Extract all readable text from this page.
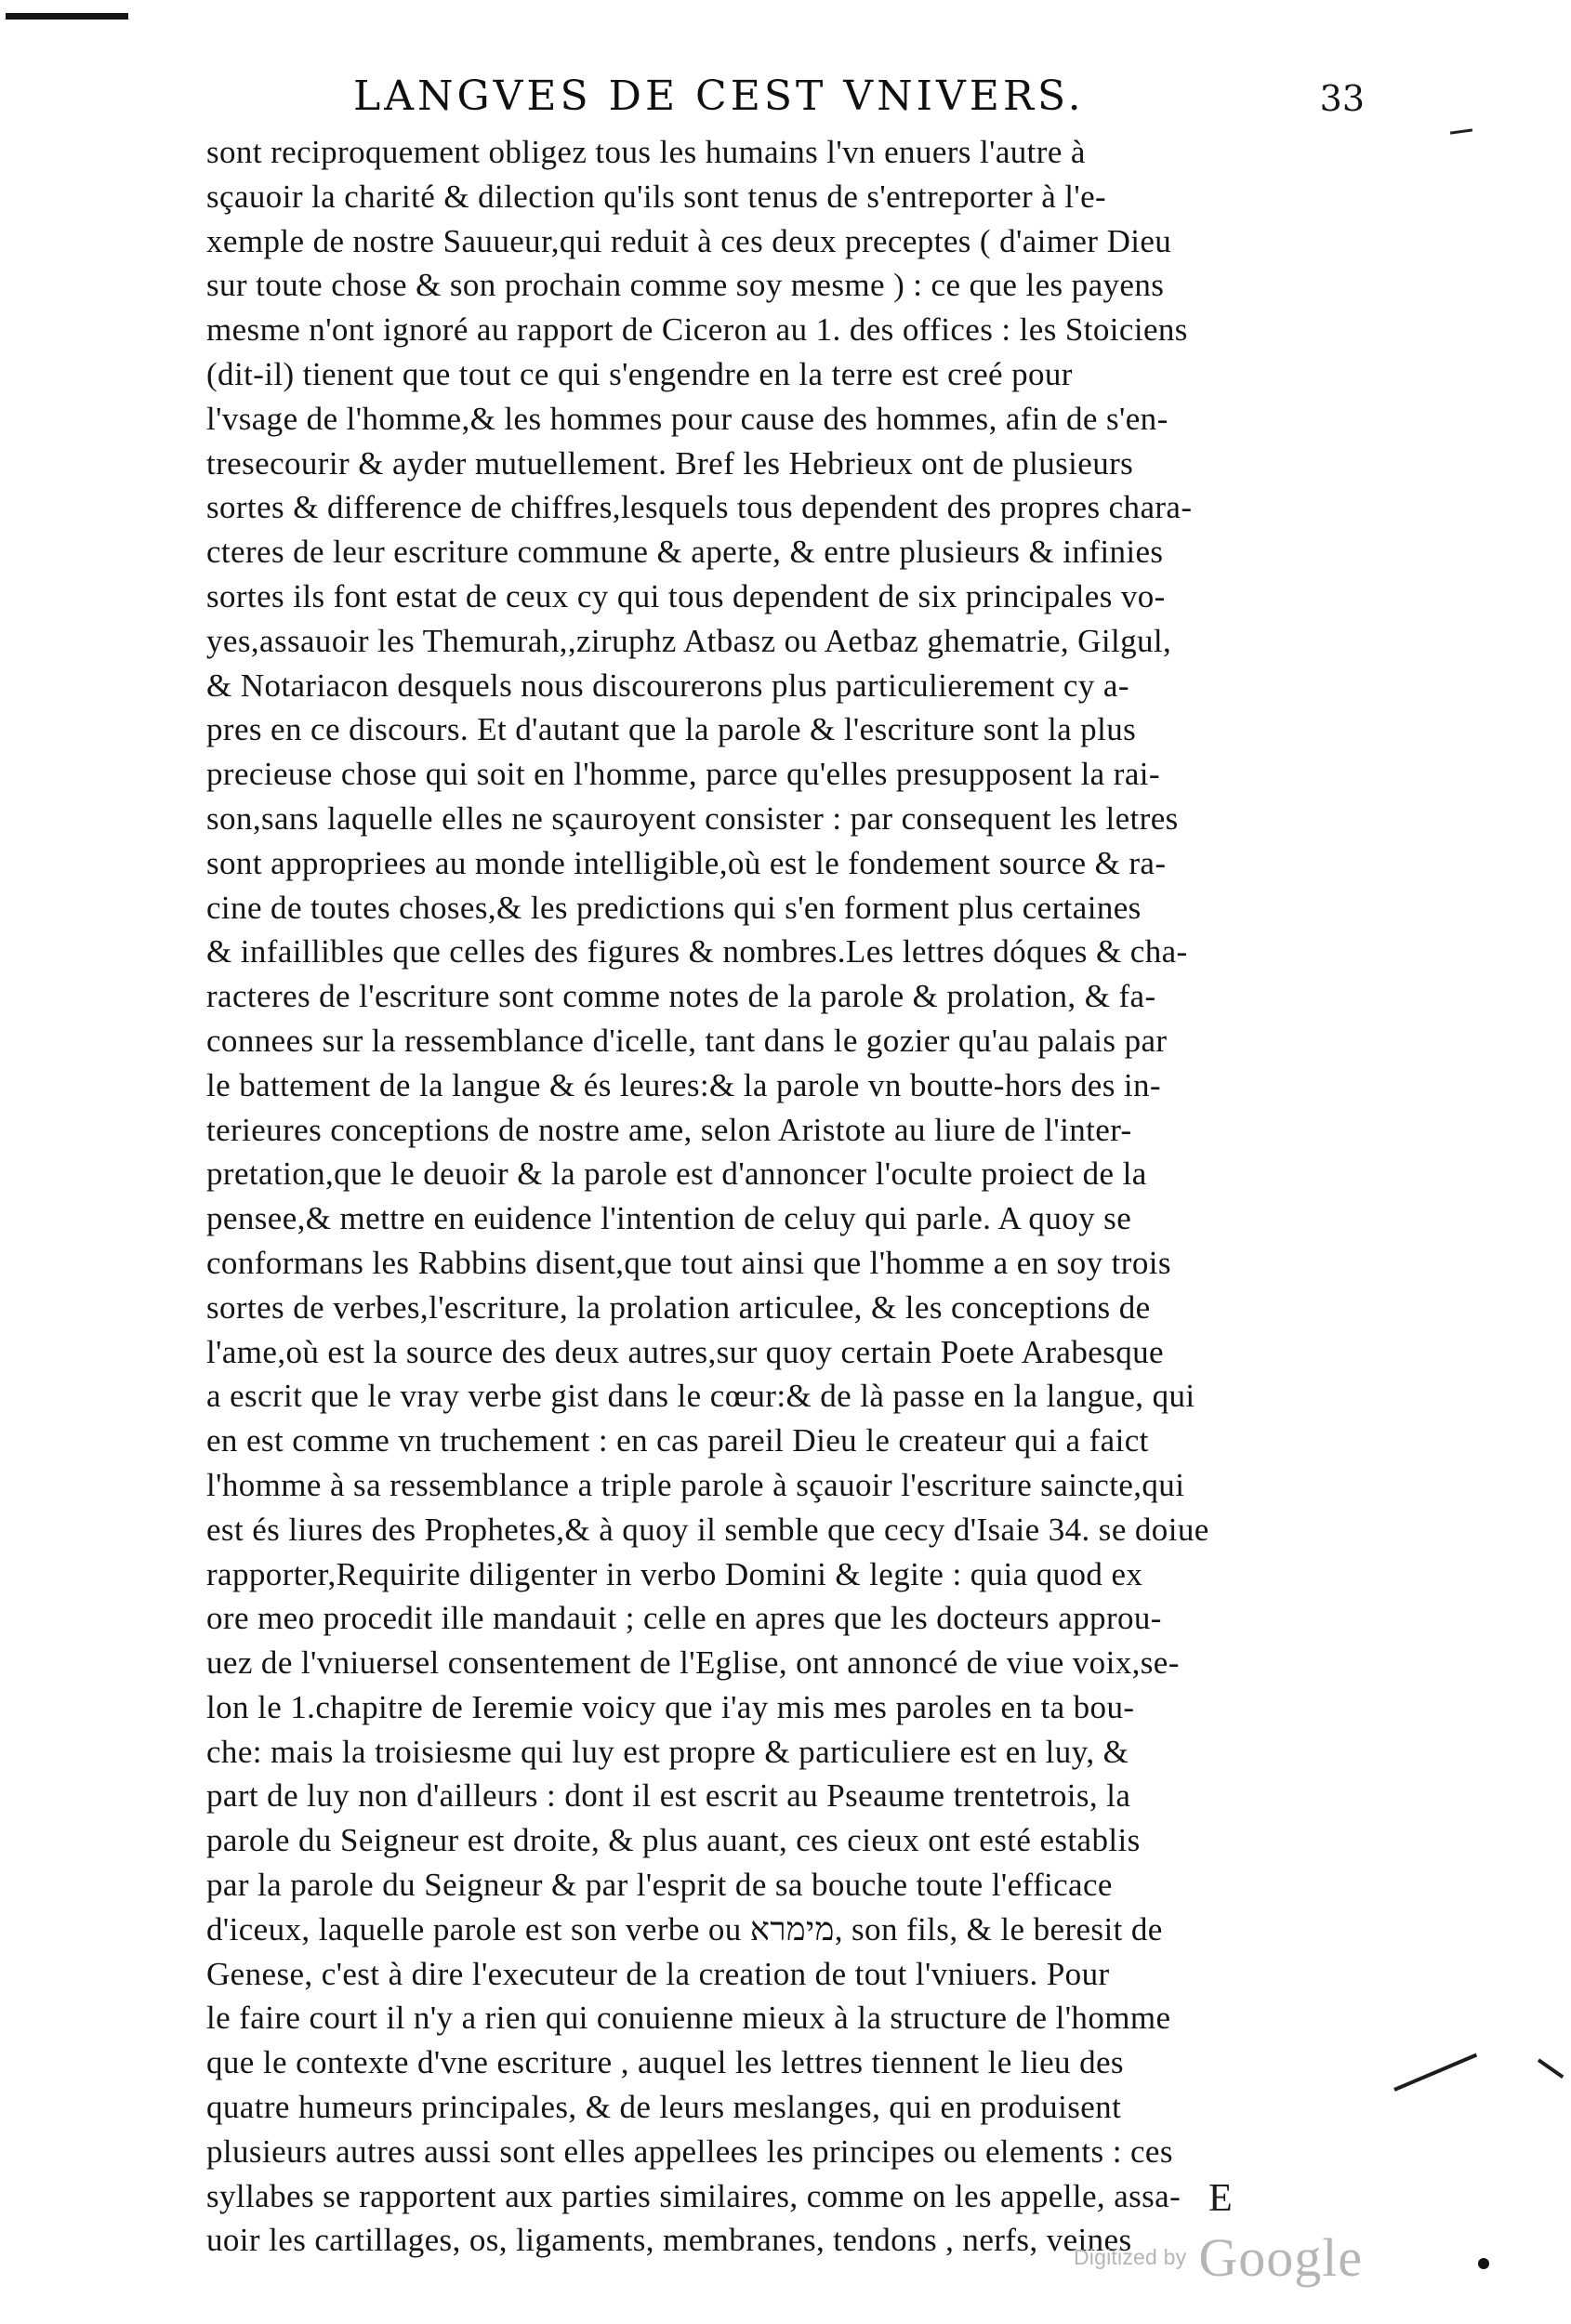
LANGVES DE CEST VNIVERS.	33
sont reciproquement obligez tous les humains l'vn enuers l'autre à
sçauoir la charité & dilection qu'ils sont tenus de s'entreporter à l'e-
xemple de nostre Sauueur,qui reduit à ces deux preceptes ( d'aimer Dieu
sur toute chose & son prochain comme soy mesme ) : ce que les payens
mesme n'ont ignoré au rapport de Ciceron au 1. des offices : les Stoiciens
(dit-il) tienent que tout ce qui s'engendre en la terre est creé pour
l'vsage de l'homme,& les hommes pour cause des hommes, afin de s'en-
tresecourir & ayder mutuellement. Bref les Hebrieux ont de plusieurs
sortes & difference de chiffres,lesquels tous dependent des propres chara-
cteres de leur escriture commune & aperte, & entre plusieurs & infinies
sortes ils font estat de ceux cy qui tous dependent de six principales vo-
yes,assauoir les Themurah,,ziruphz Atbasz ou Aetbaz ghematrie, Gilgul,
& Notariacon desquels nous discourerons plus particulierement cy a-
pres en ce discours. Et d'autant que la parole & l'escriture sont la plus
precieuse chose qui soit en l'homme, parce qu'elles presupposent la rai-
son,sans laquelle elles ne sçauroyent consister : par consequent les letres
sont appropriees au monde intelligible,où est le fondement source & ra-
cine de toutes choses,& les predictions qui s'en forment plus certaines
& infaillibles que celles des figures & nombres.Les lettres dóques & cha-
racteres de l'escriture sont comme notes de la parole & prolation, & fa-
connees sur la ressemblance d'icelle, tant dans le gozier qu'au palais par
le battement de la langue & és leures:& la parole vn boutte-hors des in-
terieures conceptions de nostre ame, selon Aristote au liure de l'inter-
pretation,que le deuoir & la parole est d'annoncer l'oculte proiect de la
pensee,& mettre en euidence l'intention de celuy qui parle. A quoy se
conformans les Rabbins disent,que tout ainsi que l'homme a en soy trois
sortes de verbes,l'escriture, la prolation articulee, & les conceptions de
l'ame,où est la source des deux autres,sur quoy certain Poete Arabesque
a escrit que le vray verbe gist dans le cœur:& de là passe en la langue, qui
en est comme vn truchement : en cas pareil Dieu le createur qui a faict
l'homme à sa ressemblance a triple parole à sçauoir l'escriture saincte,qui
est és liures des Prophetes,& à quoy il semble que cecy d'Isaie 34. se doiue
rapporter,Requirite diligenter in verbo Domini & legite : quia quod ex
ore meo procedit ille mandauit ; celle en apres que les docteurs approu-
uez de l'vniuersel consentement de l'Eglise, ont annoncé de viue voix,se-
lon le 1.chapitre de Ieremie voicy que i'ay mis mes paroles en ta bou-
che: mais la troisiesme qui luy est propre & particuliere est en luy, &
part de luy non d'ailleurs : dont il est escrit au Pseaume trentetrois, la
parole du Seigneur est droite, & plus auant, ces cieux ont esté establis
par la parole du Seigneur & par l'esprit de sa bouche toute l'efficace
d'iceux, laquelle parole est son verbe ou מימרא, son fils, & le beresit de
Genese, c'est à dire l'executeur de la creation de tout l'vniuers. Pour
le faire court il n'y a rien qui conuienne mieux à la structure de l'homme
que le contexte d'vne escriture , auquel les lettres tiennent le lieu des
quatre humeurs principales, & de leurs meslanges, qui en produisent
plusieurs autres aussi sont elles appellees les principes ou elements : ces
syllabes se rapportent aux parties similaires, comme on les appelle, assa-
uoir les cartillages, os, ligaments, membranes, tendons , nerfs, veines
E
Digitized by Google
